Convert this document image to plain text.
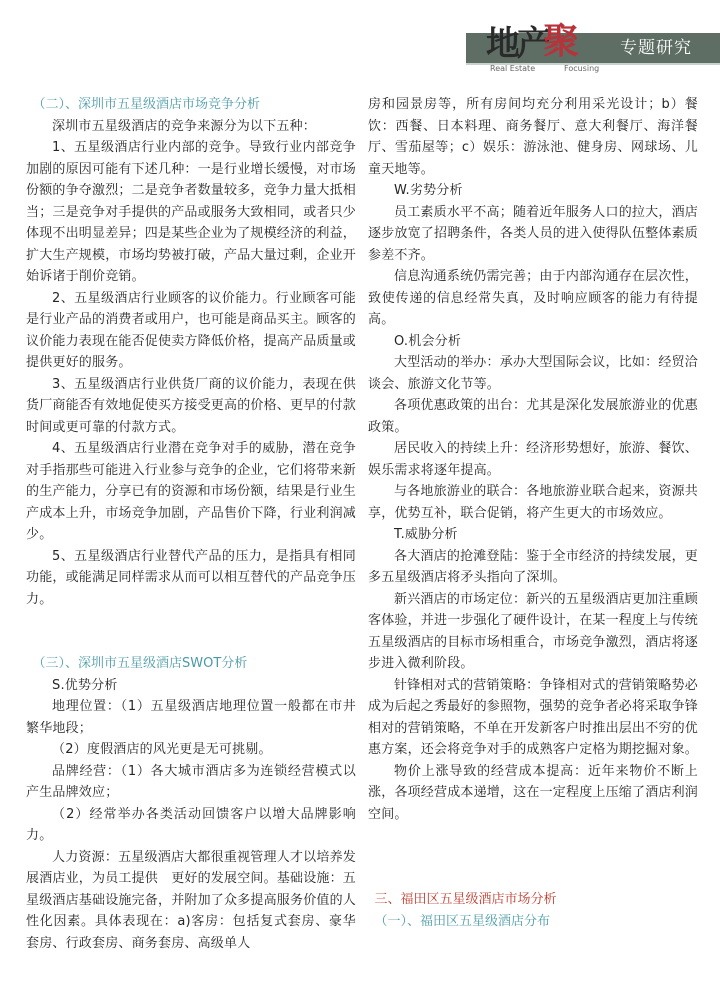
地产
聚
Real Estate	Focusing
专题研究

（二）、深圳市五星级酒店市场竞争分析

深圳市五星级酒店的竞争来源分为以下五种：

1、五星级酒店行业内部的竞争。导致行业内部竞争加剧的原因可能有下述几种：一是行业增长缓慢，对市场份额的争夺激烈；二是竞争者数量较多，竞争力量大抵相当；三是竞争对手提供的产品或服务大致相同，或者只少体现不出明显差异；四是某些企业为了规模经济的利益，扩大生产规模，市场均势被打破，产品大量过剩，企业开始诉诸于削价竞销。

2、五星级酒店行业顾客的议价能力。行业顾客可能是行业产品的消费者或用户，也可能是商品买主。顾客的议价能力表现在能否促使卖方降低价格，提高产品质量或提供更好的服务。

3、五星级酒店行业供货厂商的议价能力，表现在供货厂商能否有效地促使买方接受更高的价格、更早的付款时间或更可靠的付款方式。

4、五星级酒店行业潜在竞争对手的威胁，潜在竞争对手指那些可能进入行业参与竞争的企业，它们将带来新的生产能力，分享已有的资源和市场份额，结果是行业生产成本上升，市场竞争加剧，产品售价下降，行业利润减少。

5、五星级酒店行业替代产品的压力，是指具有相同功能，或能满足同样需求从而可以相互替代的产品竞争压力。

（三）、深圳市五星级酒店SWOT分析

S.优势分析

地理位置：（1）五星级酒店地理位置一般都在市井繁华地段；

（2）度假酒店的风光更是无可挑剔。

品牌经营：（1）各大城市酒店多为连锁经营模式以产生品牌效应；

（2）经常举办各类活动回馈客户以增大品牌影响力。

人力资源：五星级酒店大都很重视管理人才以培养发展酒店业，为员工提供　更好的发展空间。基础设施：五星级酒店基础设施完备，并附加了众多提高服务价值的人性化因素。具体表现在：a)客房：包括复式套房、豪华套房、行政套房、商务套房、高级单人

房和园景房等，所有房间均充分利用采光设计；b）餐饮：西餐、日本料理、商务餐厅、意大利餐厅、海洋餐厅、雪茄屋等；c）娱乐：游泳池、健身房、网球场、儿童天地等。

W.劣势分析

员工素质水平不高；随着近年服务人口的拉大，酒店逐步放宽了招聘条件，各类人员的进入使得队伍整体素质参差不齐。

信息沟通系统仍需完善；由于内部沟通存在层次性，致使传递的信息经常失真，及时响应顾客的能力有待提高。

O.机会分析

大型活动的举办：承办大型国际会议，比如：经贸洽谈会、旅游文化节等。

各项优惠政策的出台：尤其是深化发展旅游业的优惠政策。

居民收入的持续上升：经济形势想好，旅游、餐饮、娱乐需求将逐年提高。

与各地旅游业的联合：各地旅游业联合起来，资源共享，优势互补，联合促销，将产生更大的市场效应。

T.威胁分析

各大酒店的抢滩登陆：鉴于全市经济的持续发展，更多五星级酒店将矛头指向了深圳。

新兴酒店的市场定位：新兴的五星级酒店更加注重顾客体验，并进一步强化了硬件设计，在某一程度上与传统五星级酒店的目标市场相重合，市场竞争激烈，酒店将逐步进入微利阶段。

针锋相对式的营销策略：争锋相对式的营销策略势必成为后起之秀最好的参照物，强势的竞争者必将采取争锋相对的营销策略，不单在开发新客户时推出层出不穷的优惠方案，还会将竞争对手的成熟客户定格为期挖掘对象。

物价上涨导致的经营成本提高：近年来物价不断上涨，各项经营成本递增，这在一定程度上压缩了酒店利润空间。

三、福田区五星级酒店市场分析

（一）、福田区五星级酒店分布
